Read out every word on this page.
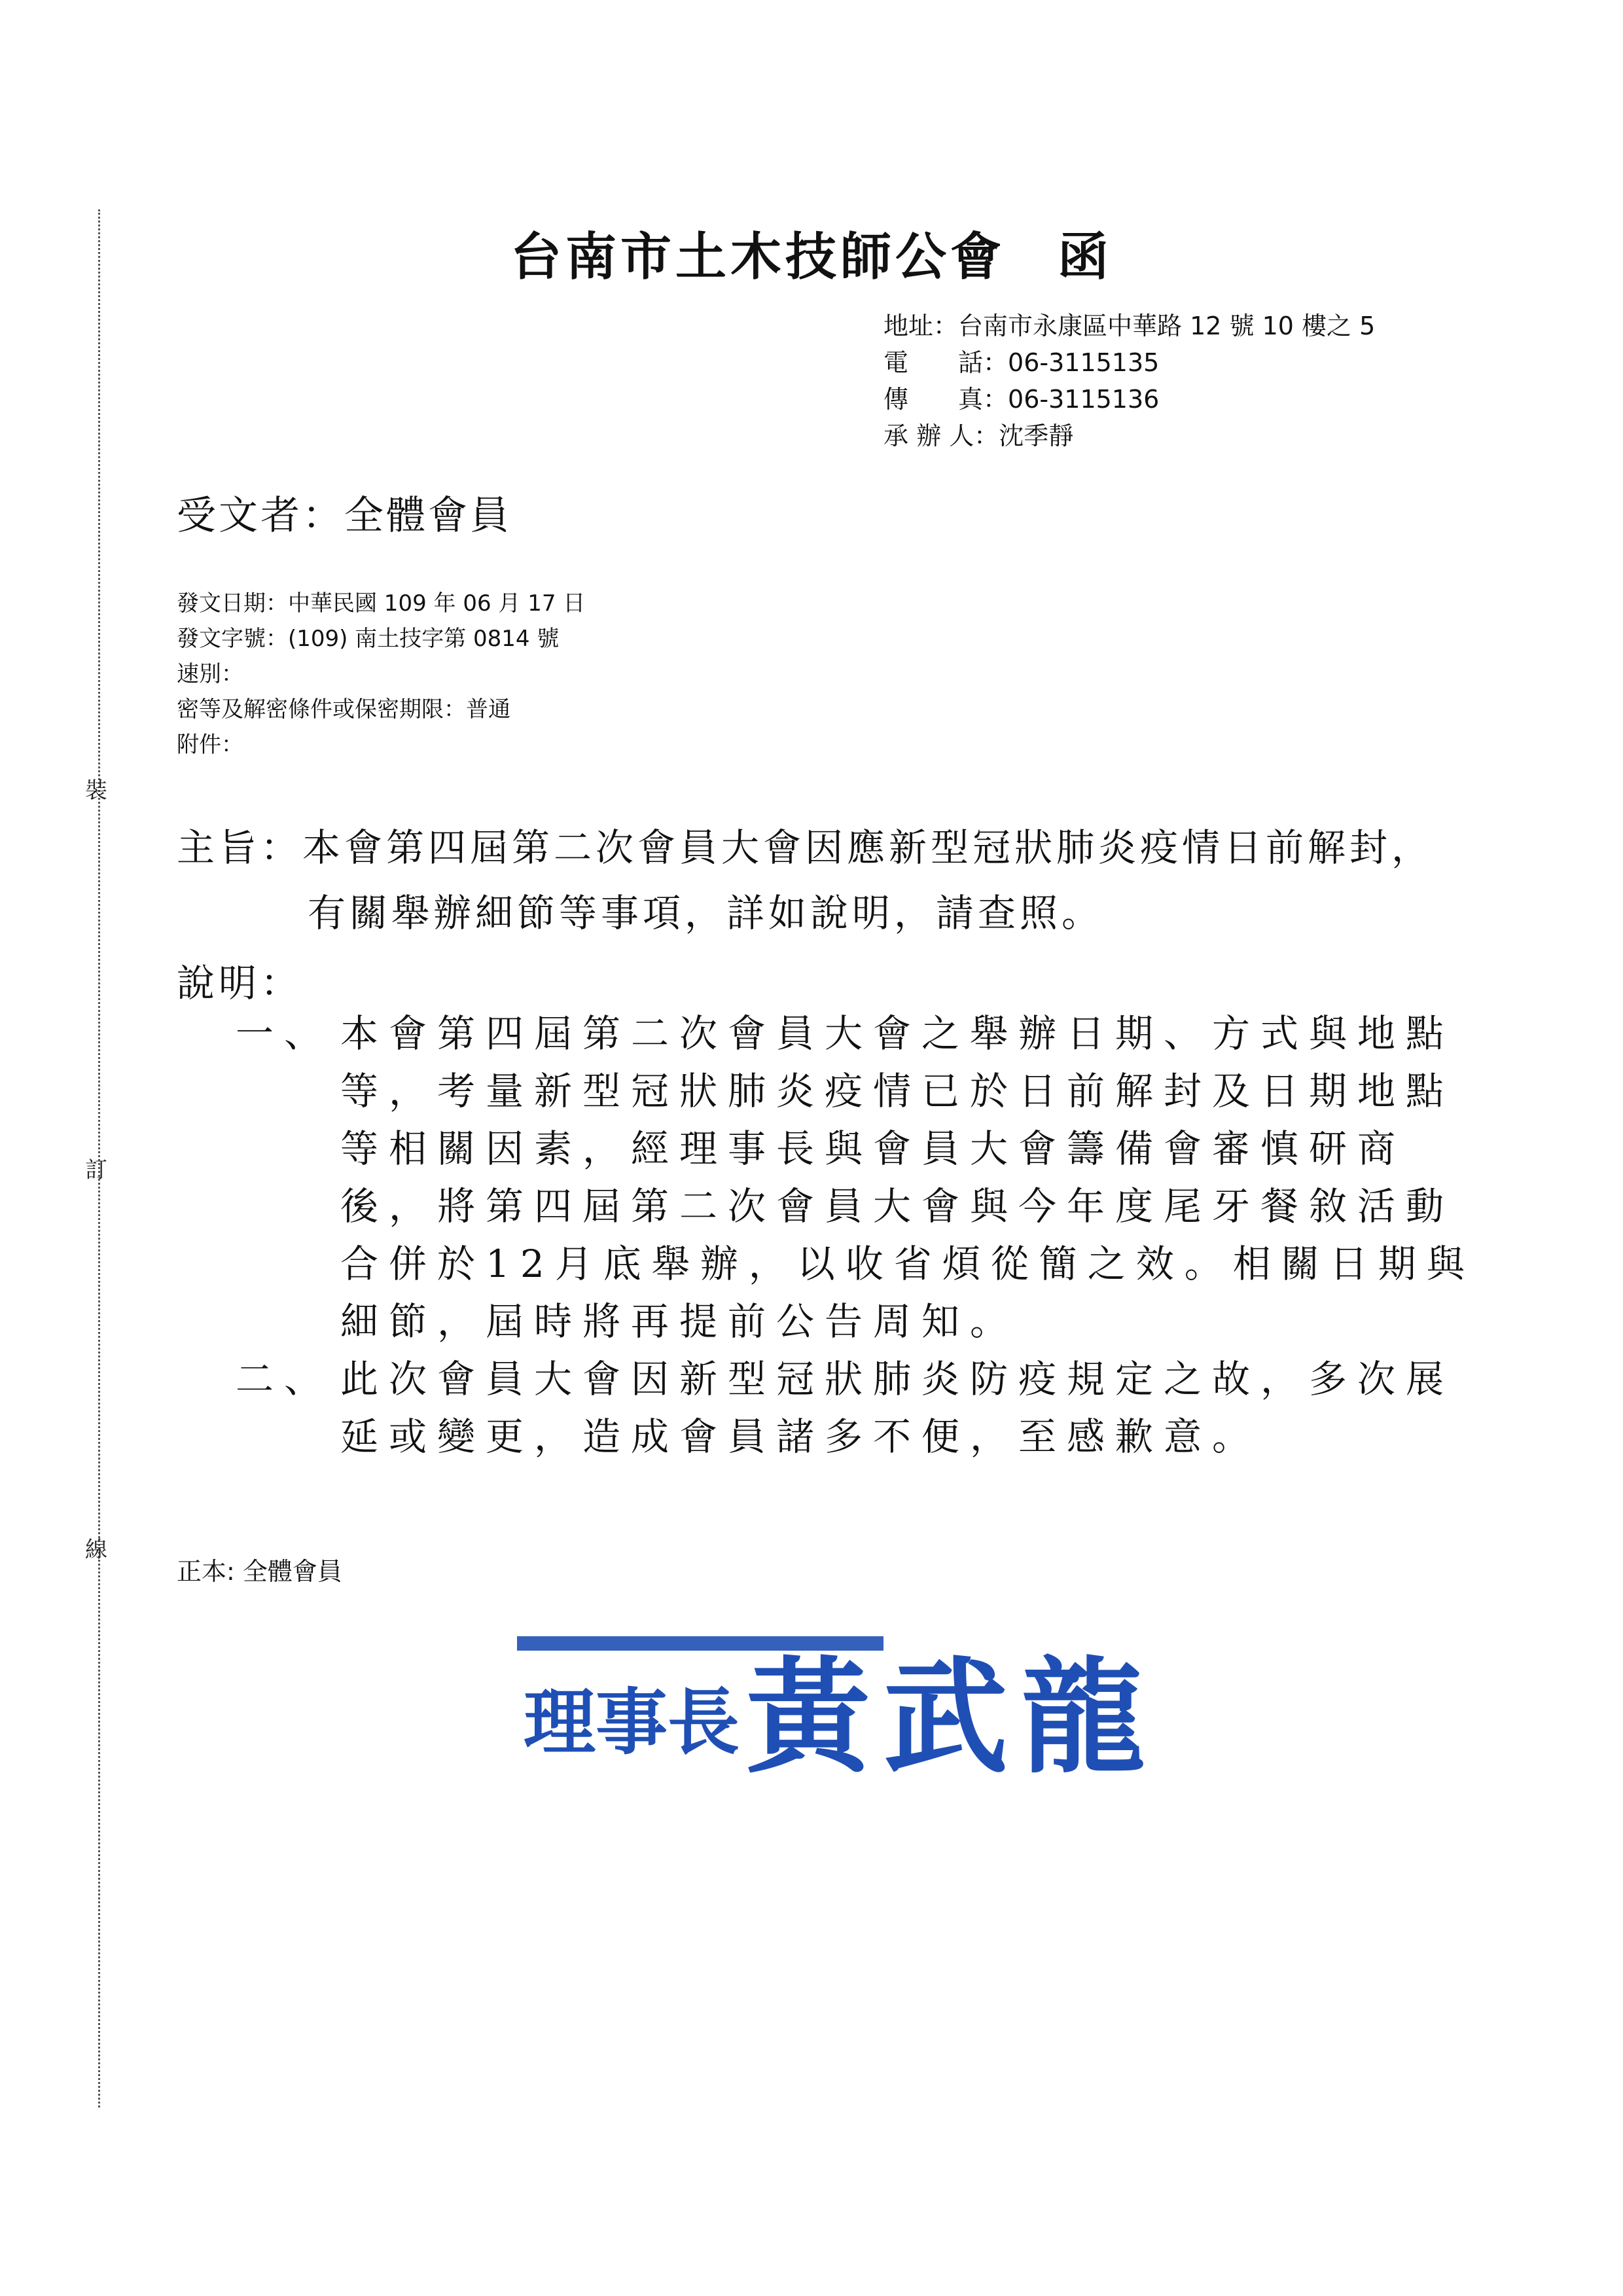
裝
訂
線
台南市土木技師公會 函
地址 ： 台南市永康區中華路 12 號 10 樓之 5
電　　話 ： 06-3115135
傳　　真 ： 06-3115136
承 辦 人 ： 沈季靜
受文者：全體會員
發文日期：中華民國 109 年 06 月 17 日
發文字號：(109) 南土技字第 0814 號
速別：
密等及解密條件或保密期限：普通
附件：
主旨：本會第四屆第二次會員大會因應新型冠狀肺炎疫情日前解封，
有關舉辦細節等事項，詳如說明，請查照。
說明：
一、 本會第四屆第二次會員大會之舉辦日期、方式與地點等，考量新型冠狀肺炎疫情已於日前解封及日期地點等相關因素，經理事長與會員大會籌備會審慎研商後，將第四屆第二次會員大會與今年度尾牙餐敘活動合併於12月底舉辦，以收省煩從簡之效。相關日期與細節，屆時將再提前公告周知。
二、 此次會員大會因新型冠狀肺炎防疫規定之故，多次展延或變更，造成會員諸多不便，至感歉意。
正本: 全體會員
理事長 黃武龍
